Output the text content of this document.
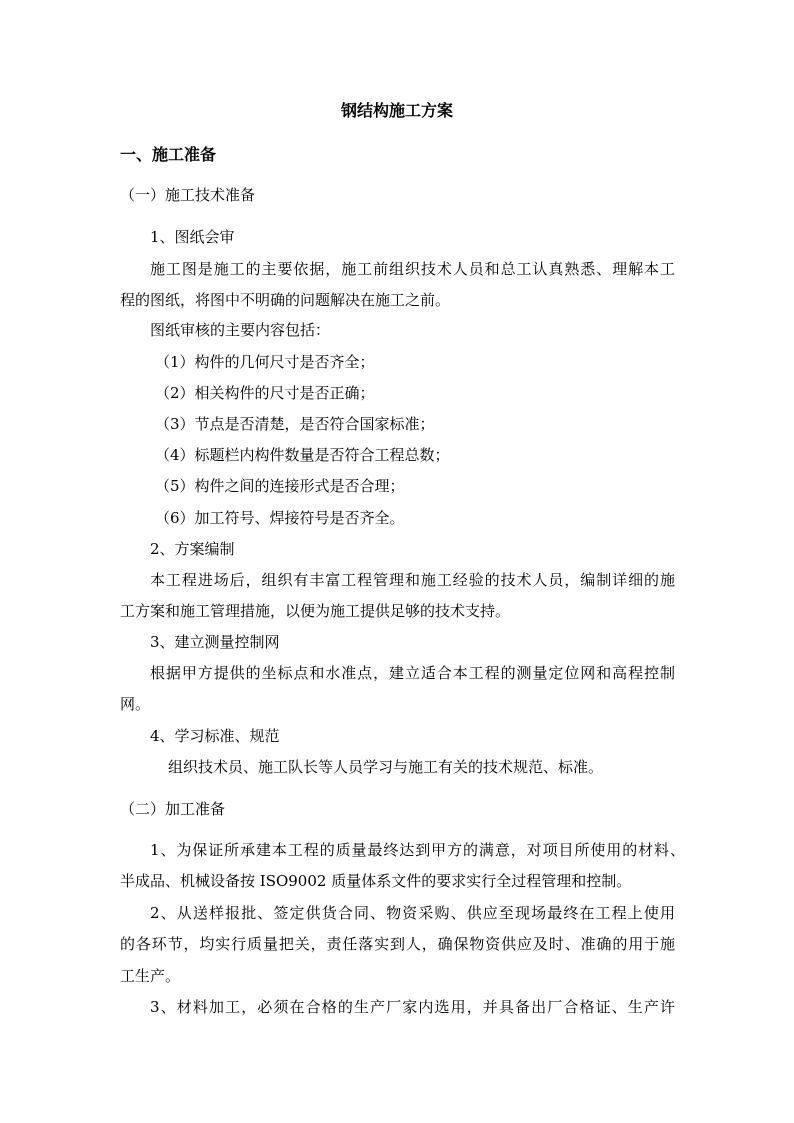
钢结构施工方案
一、施工准备
（一）施工技术准备
1、图纸会审
施工图是施工的主要依据，施工前组织技术人员和总工认真熟悉、理解本工
程的图纸，将图中不明确的问题解决在施工之前。
图纸审核的主要内容包括：
（1）构件的几何尺寸是否齐全；
（2）相关构件的尺寸是否正确；
（3）节点是否清楚，是否符合国家标准；
（4）标题栏内构件数量是否符合工程总数；
（5）构件之间的连接形式是否合理；
（6）加工符号、焊接符号是否齐全。
2、方案编制
本工程进场后，组织有丰富工程管理和施工经验的技术人员，编制详细的施
工方案和施工管理措施，以便为施工提供足够的技术支持。
3、建立测量控制网
根据甲方提供的坐标点和水准点，建立适合本工程的测量定位网和高程控制
网。
4、学习标准、规范
组织技术员、施工队长等人员学习与施工有关的技术规范、标准。
（二）加工准备
1、为保证所承建本工程的质量最终达到甲方的满意，对项目所使用的材料、
半成品、机械设备按 ISO9002 质量体系文件的要求实行全过程管理和控制。
2、从送样报批、签定供货合同、物资采购、供应至现场最终在工程上使用
的各环节，均实行质量把关，责任落实到人，确保物资供应及时、准确的用于施
工生产。
3、材料加工，必须在合格的生产厂家内选用，并具备出厂合格证、生产许
